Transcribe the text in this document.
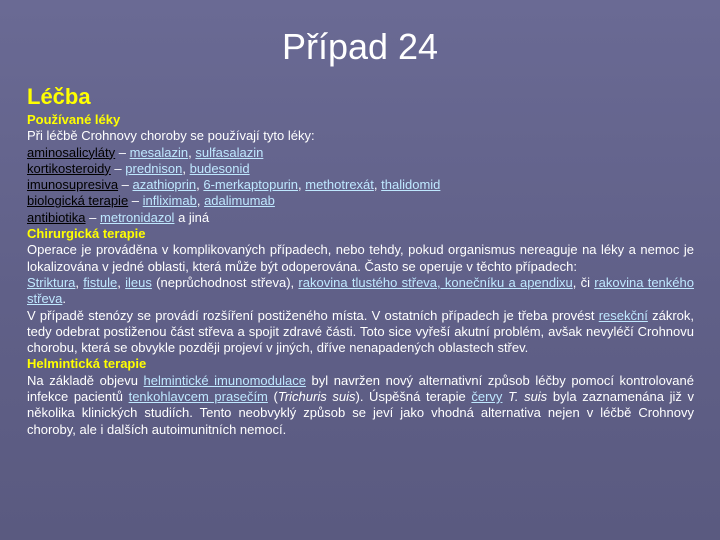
Případ 24
Léčba
Používané léky
Při léčbě Crohnovy choroby se používají tyto léky:
aminosalicyláty – mesalazin, sulfasalazin
kortikosteroidy – prednison, budesonid
imunosupresiva – azathioprin, 6-merkaptopurin, methotrexát, thalidomid
biologická terapie – infliximab, adalimumab
antibiotika – metronidazol a jiná
Chirurgická terapie
Operace je prováděna v komplikovaných případech, nebo tehdy, pokud organismus nereaguje na léky a nemoc je lokalizována v jedné oblasti, která může být odoperována. Často se operuje v těchto případech:
Striktura, fistule, ileus (neprůchodnost střeva), rakovina tlustého střeva, konečníku a apendixu, či rakovina tenkého střeva.
V případě stenózy se provádí rozšíření postiženého místa. V ostatních případech je třeba provést resekční zákrok, tedy odebrat postiženou část střeva a spojit zdravé části. Toto sice vyřeší akutní problém, avšak nevyléčí Crohnovu chorobu, která se obvykle později projeví v jiných, dříve nenapadených oblastech střev.
Helmintická terapie
Na základě objevu helmintické imunomodulace byl navržen nový alternativní způsob léčby pomocí kontrolované infekce pacientů tenkohlavcem prasečím (Trichuris suis). Úspěšná terapie červy T. suis byla zaznamenána již v několika klinických studiích. Tento neobvyklý způsob se jeví jako vhodná alternativa nejen v léčbě Crohnovy choroby, ale i dalších autoimunitních nemocí.
